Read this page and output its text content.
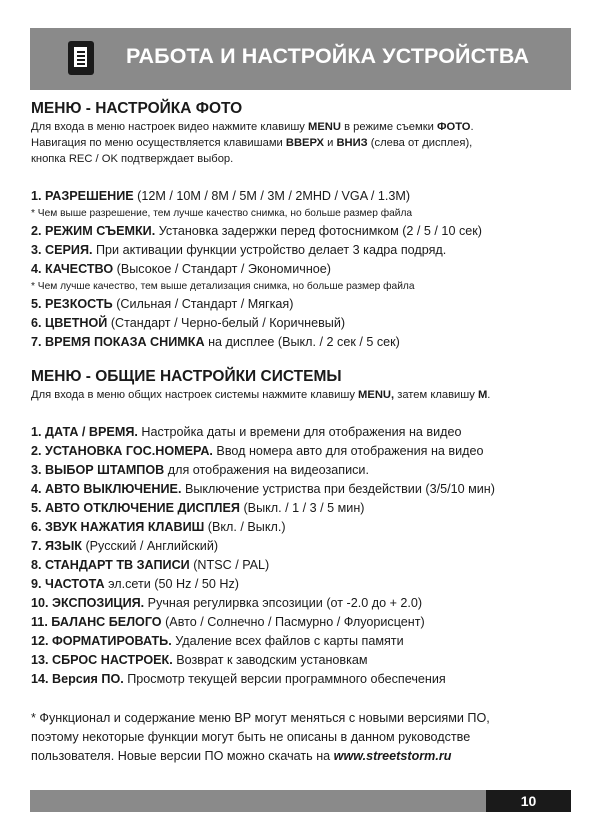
РАБОТА И НАСТРОЙКА УСТРОЙСТВА
МЕНЮ - НАСТРОЙКА ФОТО

Для входа в меню настроек видео нажмите клавишу MENU в режиме съемки ФОТО.

Навигация по меню осуществляется клавишами ВВЕРХ и ВНИЗ (слева от дисплея),

кнопка REC / OK подтверждает выбор.

1. РАЗРЕШЕНИЕ (12M / 10M / 8M / 5M / 3M / 2MHD / VGA / 1.3M)
* Чем выше разрешение, тем лучше качество снимка, но больше размер файла
2. РЕЖИМ СЪЕМКИ. Установка задержки перед фотоснимком (2 / 5 / 10 сек)
3. СЕРИЯ. При активации функции устройство делает 3 кадра подряд.
4. КАЧЕСТВО (Высокое / Стандарт / Экономичное)
* Чем лучше качество, тем выше детализация снимка, но больше размер файла
5. РЕЗКОСТЬ (Сильная / Стандарт / Мягкая)
6. ЦВЕТНОЙ (Стандарт / Черно-белый / Коричневый)
7. ВРЕМЯ ПОКАЗА СНИМКА на дисплее (Выкл. / 2 сек / 5 сек)
МЕНЮ - ОБЩИЕ НАСТРОЙКИ СИСТЕМЫ

Для входа в меню общих настроек системы нажмите клавишу MENU, затем клавишу M.

1. ДАТА / ВРЕМЯ. Настройка даты и времени для отображения на видео
2. УСТАНОВКА ГОС.НОМЕРА. Ввод номера авто для отображения на видео
3. ВЫБОР ШТАМПОВ для отображения на видеозаписи.
4. АВТО ВЫКЛЮЧЕНИЕ. Выключение устриства при бездействии (3/5/10 мин)
5. АВТО ОТКЛЮЧЕНИЕ ДИСПЛЕЯ (Выкл. / 1 / 3 / 5 мин)
6. ЗВУК НАЖАТИЯ КЛАВИШ (Вкл. / Выкл.)
7. ЯЗЫК (Русский / Английский)
8. СТАНДАРТ ТВ ЗАПИСИ (NTSC / PAL)
9. ЧАСТОТА эл.сети (50 Hz / 50 Hz)
10. ЭКСПОЗИЦИЯ. Ручная регулирвка эпсозиции (от -2.0 до + 2.0)
11. БАЛАНС БЕЛОГО (Авто / Солнечно / Пасмурно / Флуорисцент)
12. ФОРМАТИРОВАТЬ. Удаление всех файлов с карты памяти
13. СБРОС НАСТРОЕК. Возврат к заводским установкам
14. Версия ПО. Просмотр текущей версии программного обеспечения

* Функционал и содержание меню ВР могут меняться с новыми версиями ПО,

поэтому некоторые функции могут быть не описаны в данном руководстве

пользователя. Новые версии ПО можно скачать на www.streetstorm.ru

10
